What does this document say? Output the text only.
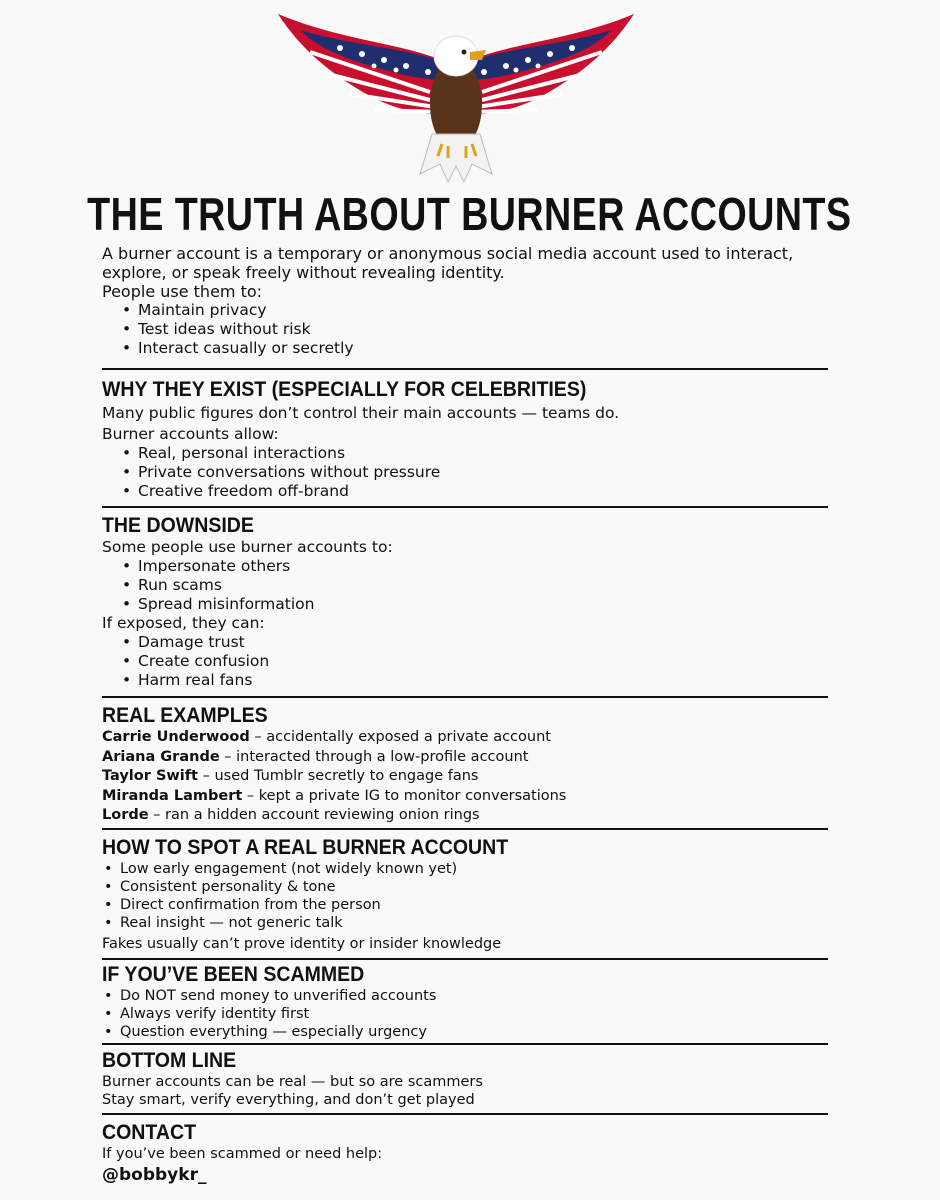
THE TRUTH ABOUT BURNER ACCOUNTS

A burner account is a temporary or anonymous social media account used to interact, explore, or speak freely without revealing identity.

People use them to:

• Maintain privacy
• Test ideas without risk
• Interact casually or secretly
WHY THEY EXIST (ESPECIALLY FOR CELEBRITIES)

Many public figures don’t control their main accounts — teams do.

Burner accounts allow:

• Real, personal interactions
• Private conversations without pressure
• Creative freedom off-brand
THE DOWNSIDE

Some people use burner accounts to:

• Impersonate others
• Run scams
• Spread misinformation

If exposed, they can:

• Damage trust
• Create confusion
• Harm real fans
REAL EXAMPLES
Carrie Underwood – accidentally exposed a private account
Ariana Grande – interacted through a low-profile account
Taylor Swift – used Tumblr secretly to engage fans
Miranda Lambert – kept a private IG to monitor conversations
Lorde – ran a hidden account reviewing onion rings
HOW TO SPOT A REAL BURNER ACCOUNT
• Low early engagement (not widely known yet)
• Consistent personality & tone
• Direct confirmation from the person
• Real insight — not generic talk

Fakes usually can’t prove identity or insider knowledge

IF YOU’VE BEEN SCAMMED
• Do NOT send money to unverified accounts
• Always verify identity first
• Question everything — especially urgency
BOTTOM LINE

Burner accounts can be real — but so are scammers

Stay smart, verify everything, and don’t get played

CONTACT

If you’ve been scammed or need help:

@bobbykr_
